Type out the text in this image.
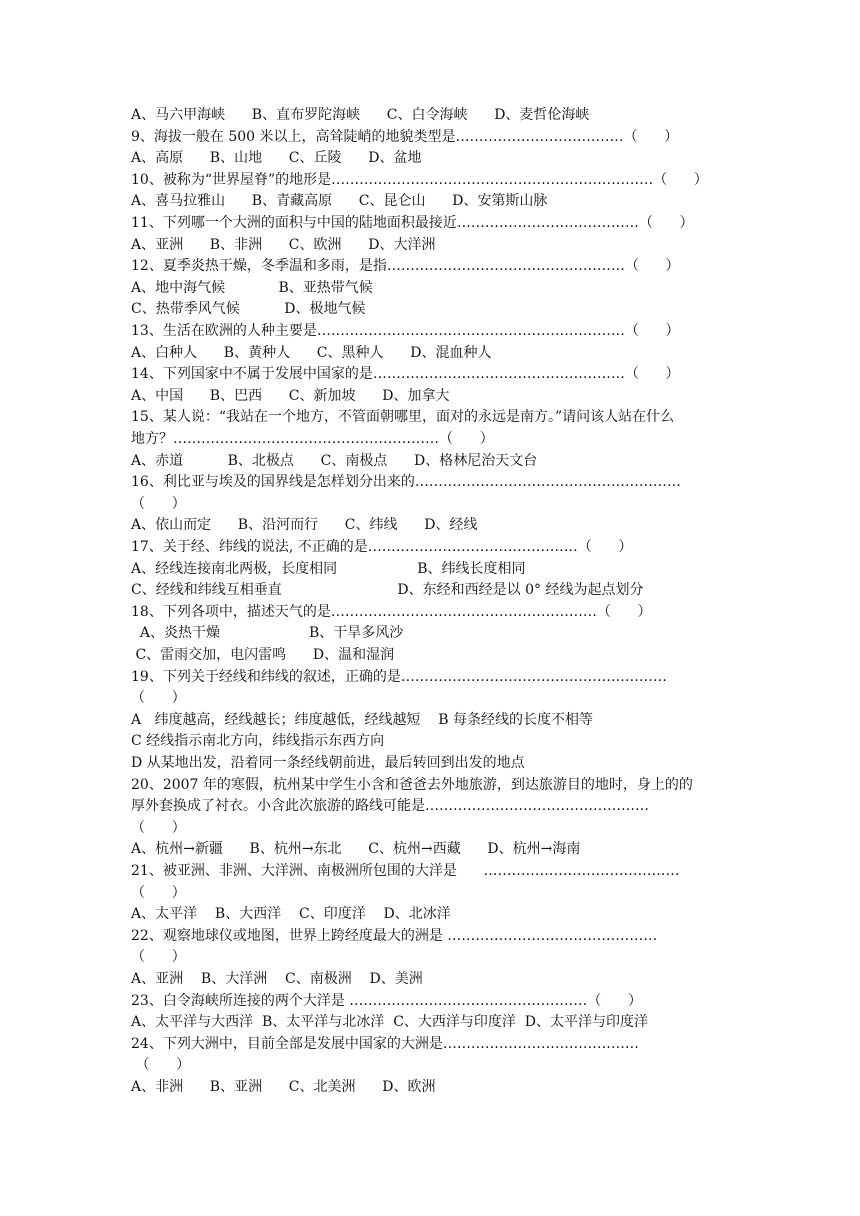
A、马六甲海峡      B、直布罗陀海峡      C、白令海峡      D、麦哲伦海峡
9、海拔一般在 500 米以上，高耸陡峭的地貌类型是………………………………（      ）
A、高原      B、山地      C、丘陵      D、盆地
10、被称为“世界屋脊”的地形是……………………………………………………………（      ）
A、喜马拉雅山      B、青藏高原      C、昆仑山      D、安第斯山脉
11、下列哪一个大洲的面积与中国的陆地面积最接近…………………………………（      ）
A、亚洲      B、非洲      C、欧洲      D、大洋洲
12、夏季炎热干燥，冬季温和多雨，是指……………………………………………（      ）
A、地中海气候            B、亚热带气候
C、热带季风气候          D、极地气候
13、生活在欧洲的人种主要是…………………………………………………………（      ）
A、白种人      B、黄种人      C、黑种人      D、混血种人
14、下列国家中不属于发展中国家的是………………………………………………（      ）
A、中国      B、巴西      C、新加坡      D、加拿大
15、某人说：“我站在一个地方，不管面朝哪里，面对的永远是南方。”请问该人站在什么
地方？…………………………………………………（      ）
A、赤道          B、北极点      C、南极点      D、格林尼治天文台
16、利比亚与埃及的国界线是怎样划分出来的…………………………………………………
（      ）
A、依山而定      B、沿河而行      C、纬线      D、经线
17、关于经、纬线的说法, 不正确的是………………………………………（      ）
A、经线连接南北两极，长度相同                  B、纬线长度相同
C、经线和纬线互相垂直                          D、东经和西经是以 0° 经线为起点划分
18、下列各项中，描述天气的是…………………………………………………（      ）
A、炎热干燥                    B、干旱多风沙
C、雷雨交加，电闪雷鸣      D、温和湿润
19、下列关于经线和纬线的叙述，正确的是…………………………………………………
（      ）
A   纬度越高，经线越长；纬度越低，经线越短    B 每条经线的长度不相等
C 经线指示南北方向，纬线指示东西方向
D 从某地出发，沿着同一条经线朝前进，最后转回到出发的地点
20、2007 年的寒假，杭州某中学生小含和爸爸去外地旅游，到达旅游目的地时，身上的的
厚外套换成了衬衣。小含此次旅游的路线可能是…………………………………………
（      ）
A、杭州→新疆      B、杭州→东北      C、杭州→西藏      D、杭州→海南
21、被亚洲、非洲、大洋洲、南极洲所包围的大洋是      ……………………………………
（      ）
A、太平洋    B、大西洋    C、印度洋    D、北冰洋
22、观察地球仪或地图，世界上跨经度最大的洲是 ………………………………………
（      ）
A、亚洲    B、大洋洲    C、南极洲    D、美洲
23、白令海峡所连接的两个大洋是 ……………………………………………（      ）
A、太平洋与大西洋  B、太平洋与北冰洋  C、大西洋与印度洋  D、太平洋与印度洋
24、下列大洲中，目前全部是发展中国家的大洲是……………………………………
（      ）
A、非洲      B、亚洲      C、北美洲      D、欧洲
